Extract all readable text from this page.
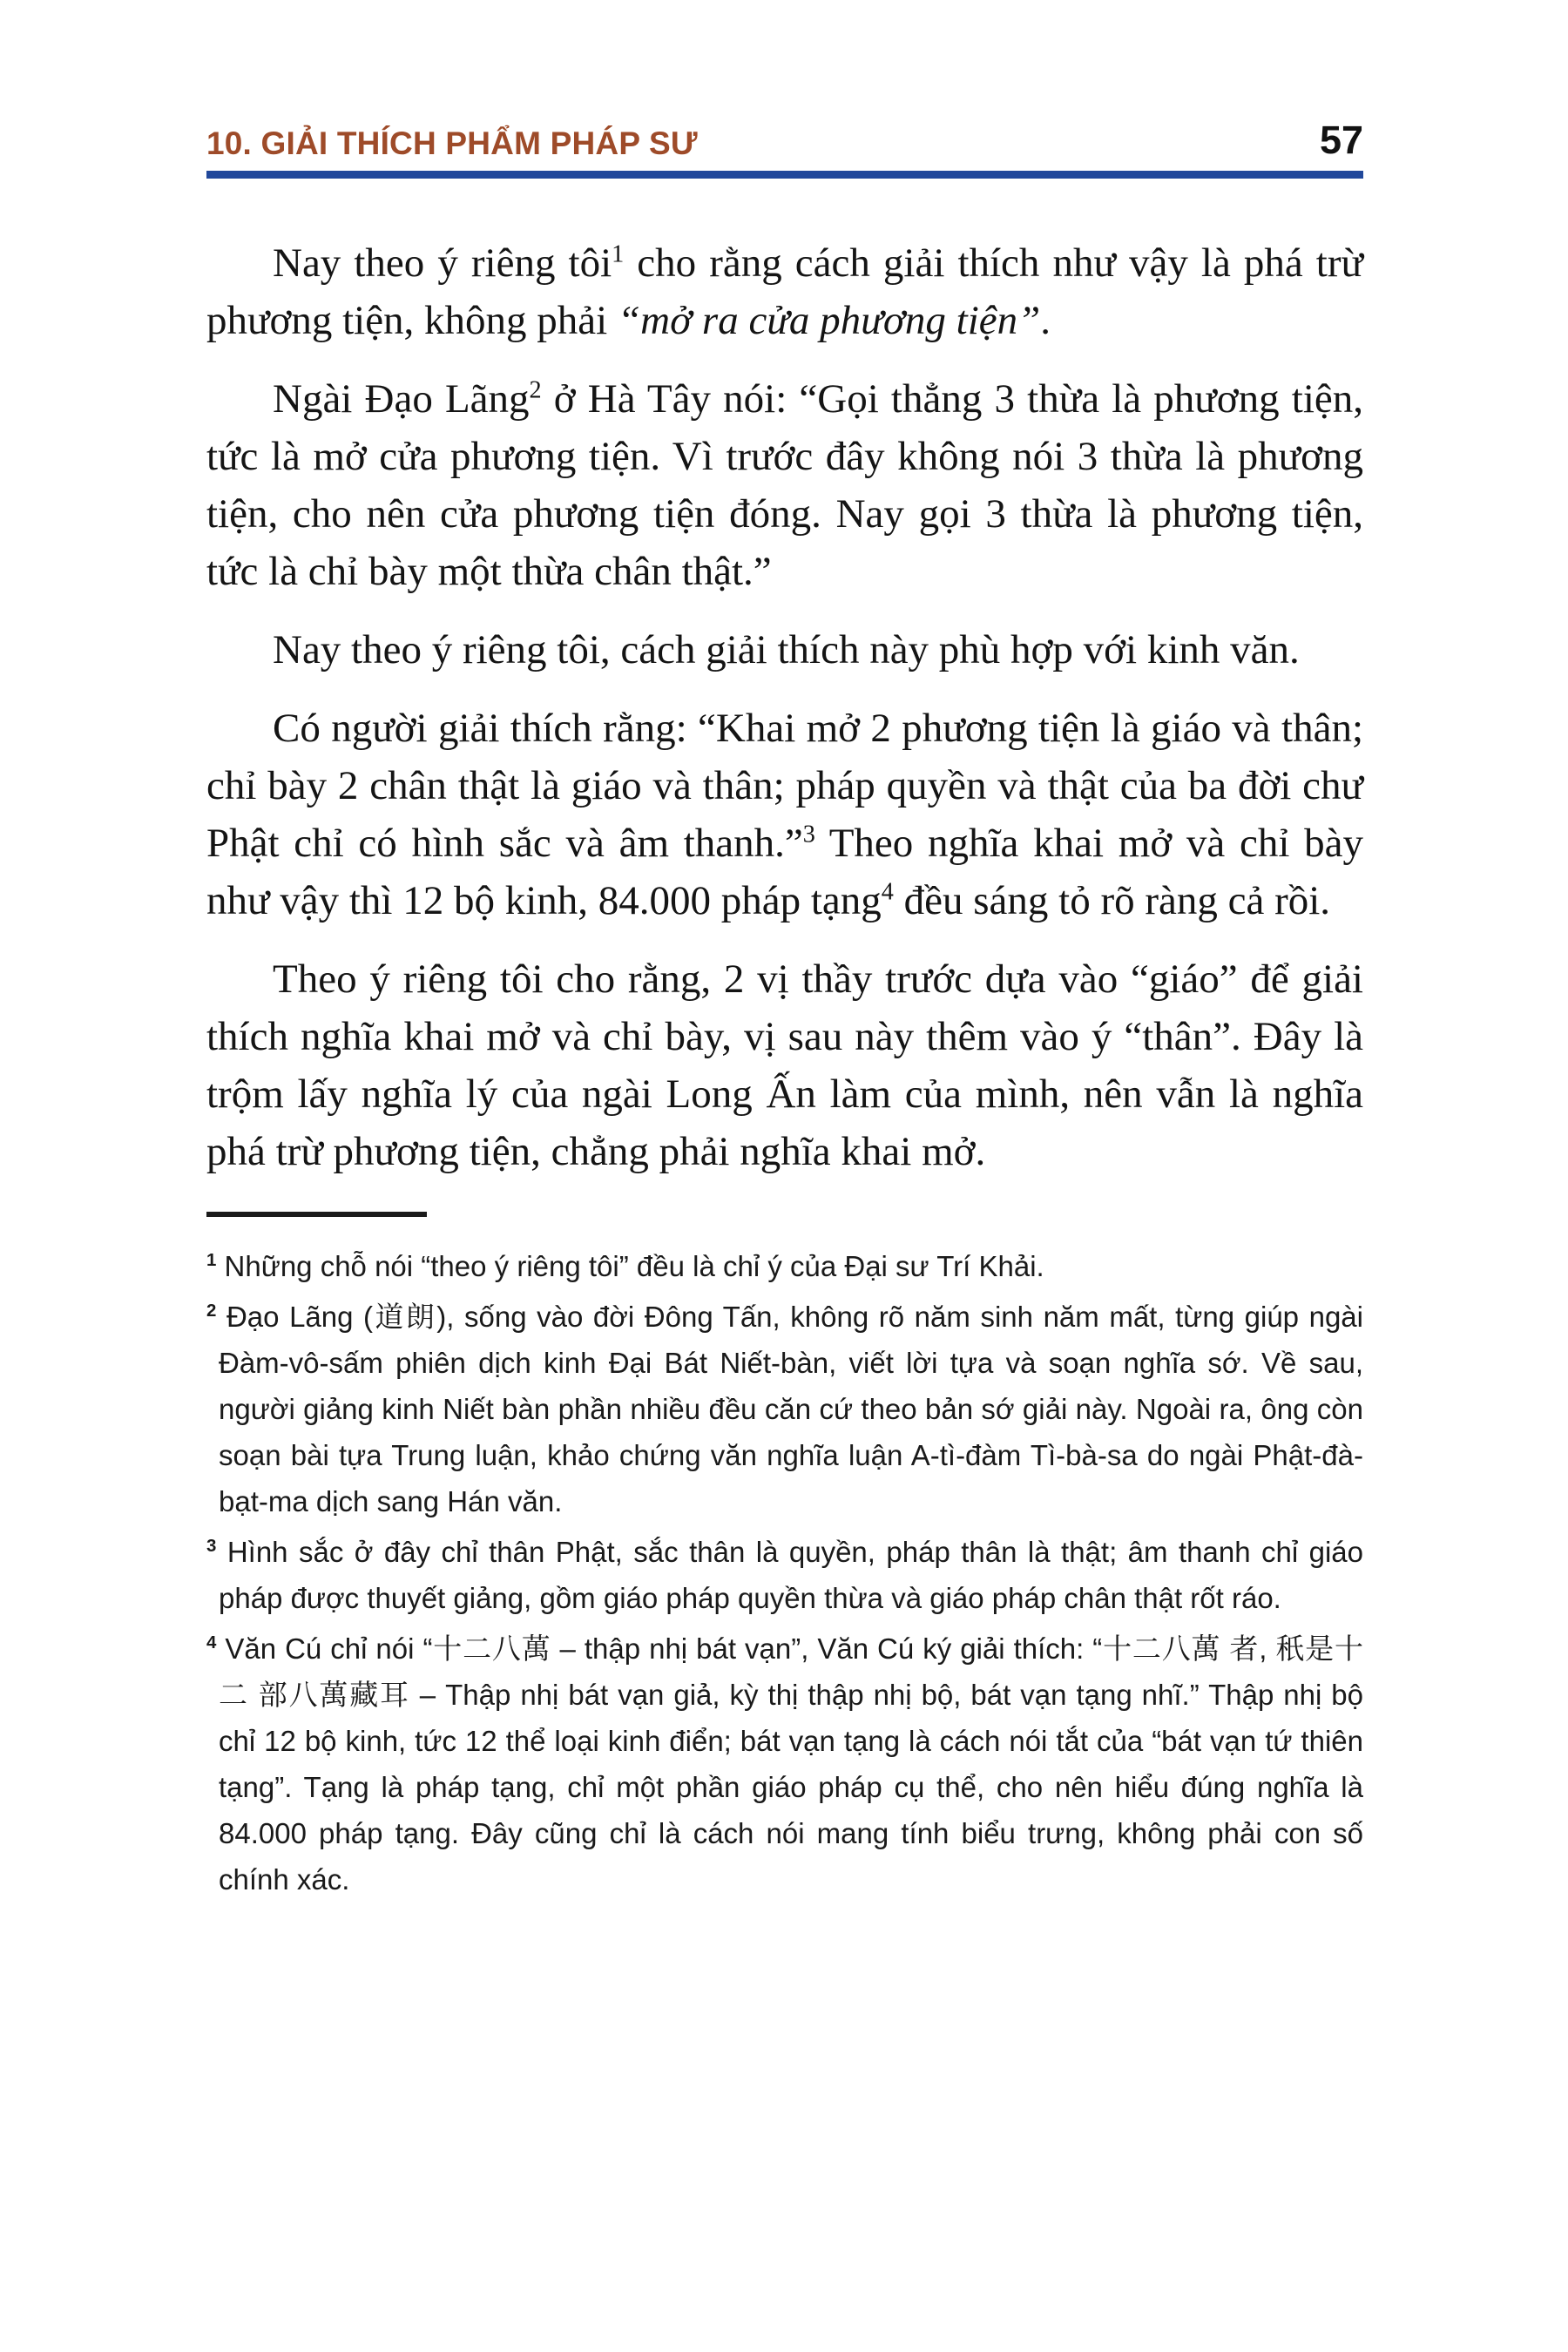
10. GIẢI THÍCH PHẨM PHÁP SƯ	57

Nay theo ý riêng tôi$^1$ cho rằng cách giải thích như vậy là phá trừ phương tiện, không phải “mở ra cửa phương tiện”.

Ngài Đạo Lãng$^2$ ở Hà Tây nói: “Gọi thẳng 3 thừa là phương tiện, tức là mở cửa phương tiện. Vì trước đây không nói 3 thừa là phương tiện, cho nên cửa phương tiện đóng. Nay gọi 3 thừa là phương tiện, tức là chỉ bày một thừa chân thật.”

Nay theo ý riêng tôi, cách giải thích này phù hợp với kinh văn.

Có người giải thích rằng: “Khai mở 2 phương tiện là giáo và thân; chỉ bày 2 chân thật là giáo và thân; pháp quyền và thật của ba đời chư Phật chỉ có hình sắc và âm thanh.”$^3$ Theo nghĩa khai mở và chỉ bày như vậy thì 12 bộ kinh, 84.000 pháp tạng$^4$ đều sáng tỏ rõ ràng cả rồi.

Theo ý riêng tôi cho rằng, 2 vị thầy trước dựa vào “giáo” để giải thích nghĩa khai mở và chỉ bày, vị sau này thêm vào ý “thân”. Đây là trộm lấy nghĩa lý của ngài Long Ấn làm của mình, nên vẫn là nghĩa phá trừ phương tiện, chẳng phải nghĩa khai mở.

$^1$ Những chỗ nói “theo ý riêng tôi” đều là chỉ ý của Đại sư Trí Khải.
$^2$ Đạo Lãng (道朗), sống vào đời Đông Tấn, không rõ năm sinh năm mất, từng giúp ngài Đàm-vô-sấm phiên dịch kinh Đại Bát Niết-bàn, viết lời tựa và soạn nghĩa sớ. Về sau, người giảng kinh Niết bàn phần nhiều đều căn cứ theo bản sớ giải này. Ngoài ra, ông còn soạn bài tựa Trung luận, khảo chứng văn nghĩa luận A-tì-đàm Tì-bà-sa do ngài Phật-đà-bạt-ma dịch sang Hán văn.
$^3$ Hình sắc ở đây chỉ thân Phật, sắc thân là quyền, pháp thân là thật; âm thanh chỉ giáo pháp được thuyết giảng, gồm giáo pháp quyền thừa và giáo pháp chân thật rốt ráo.
$^4$ Văn Cú chỉ nói “十二八萬 – thập nhị bát vạn”, Văn Cú ký giải thích: “十二八萬 者, 秖是十二 部八萬藏耳 – Thập nhị bát vạn giả, kỳ thị thập nhị bộ, bát vạn tạng nhĩ.” Thập nhị bộ chỉ 12 bộ kinh, tức 12 thể loại kinh điển; bát vạn tạng là cách nói tắt của “bát vạn tứ thiên tạng”. Tạng là pháp tạng, chỉ một phần giáo pháp cụ thể, cho nên hiểu đúng nghĩa là 84.000 pháp tạng. Đây cũng chỉ là cách nói mang tính biểu trưng, không phải con số chính xác.
